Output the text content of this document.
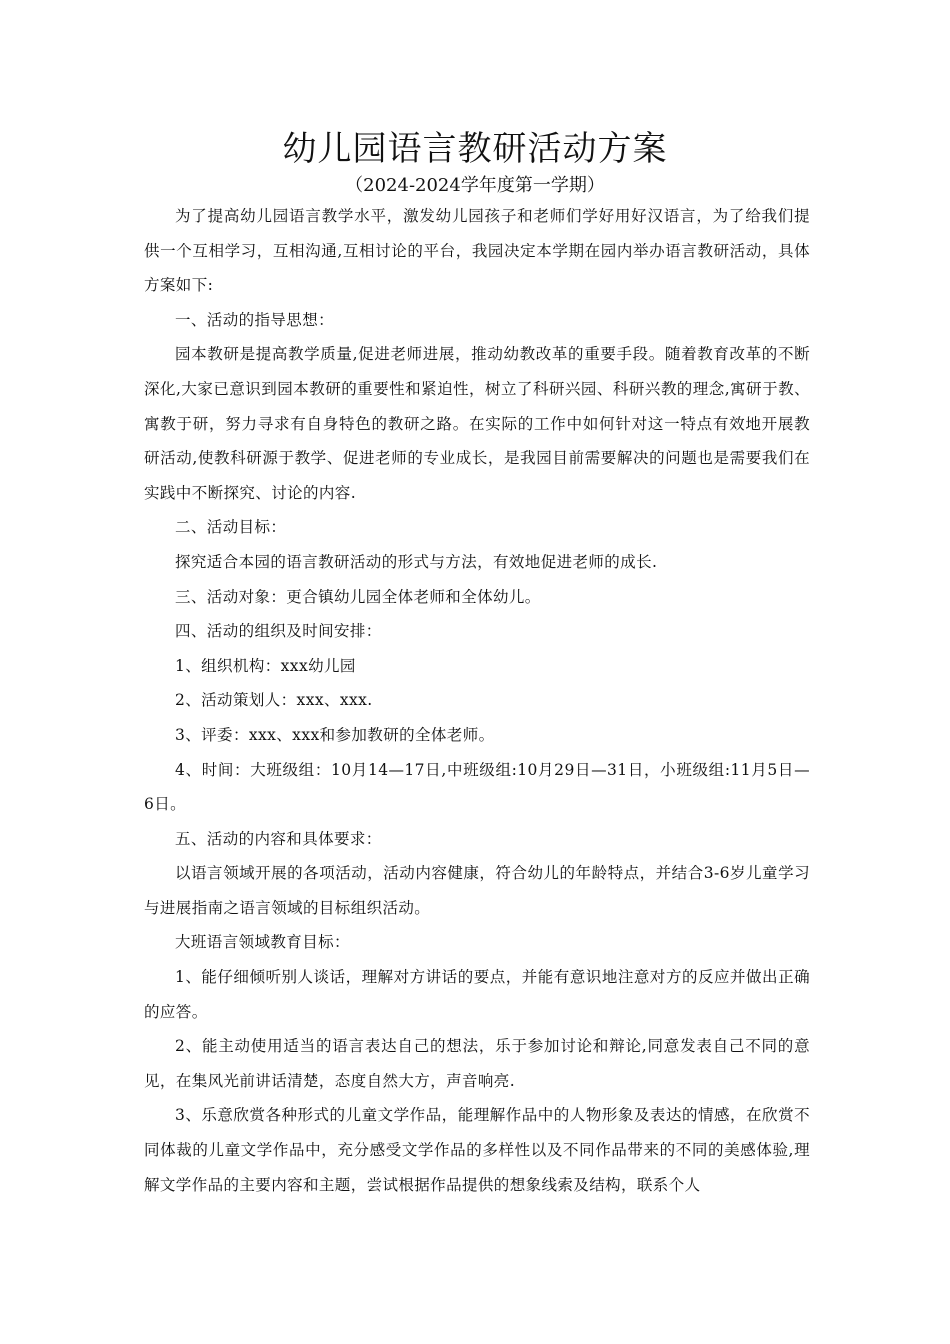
幼儿园语言教研活动方案
（2024-2024学年度第一学期）

为了提高幼儿园语言教学水平，激发幼儿园孩子和老师们学好用好汉语言，为了给我们提供一个互相学习，互相沟通,互相讨论的平台，我园决定本学期在园内举办语言教研活动，具体方案如下:

一、活动的指导思想：

园本教研是提高教学质量,促进老师进展，推动幼教改革的重要手段。随着教育改革的不断深化,大家已意识到园本教研的重要性和紧迫性，树立了科研兴园、科研兴教的理念,寓研于教、寓教于研，努力寻求有自身特色的教研之路。在实际的工作中如何针对这一特点有效地开展教研活动,使教科研源于教学、促进老师的专业成长，是我园目前需要解决的问题也是需要我们在实践中不断探究、讨论的内容.

二、活动目标：

探究适合本园的语言教研活动的形式与方法，有效地促进老师的成长.

三、活动对象：更合镇幼儿园全体老师和全体幼儿。

四、活动的组织及时间安排：

1、组织机构：xxx幼儿园

2、活动策划人：xxx、xxx.

3、评委：xxx、xxx和参加教研的全体老师。

4、时间：大班级组：10月14—17日,中班级组:10月29日—31日，小班级组:11月5日—6日。

五、活动的内容和具体要求：

以语言领域开展的各项活动，活动内容健康，符合幼儿的年龄特点，并结合3-6岁儿童学习与进展指南之语言领域的目标组织活动。

大班语言领域教育目标：

1、能仔细倾听别人谈话，理解对方讲话的要点，并能有意识地注意对方的反应并做出正确的应答。

2、能主动使用适当的语言表达自己的想法，乐于参加讨论和辩论,同意发表自己不同的意见，在集风光前讲话清楚，态度自然大方，声音响亮.

3、乐意欣赏各种形式的儿童文学作品，能理解作品中的人物形象及表达的情感，在欣赏不同体裁的儿童文学作品中，充分感受文学作品的多样性以及不同作品带来的不同的美感体验,理解文学作品的主要内容和主题，尝试根据作品提供的想象线索及结构，联系个人
